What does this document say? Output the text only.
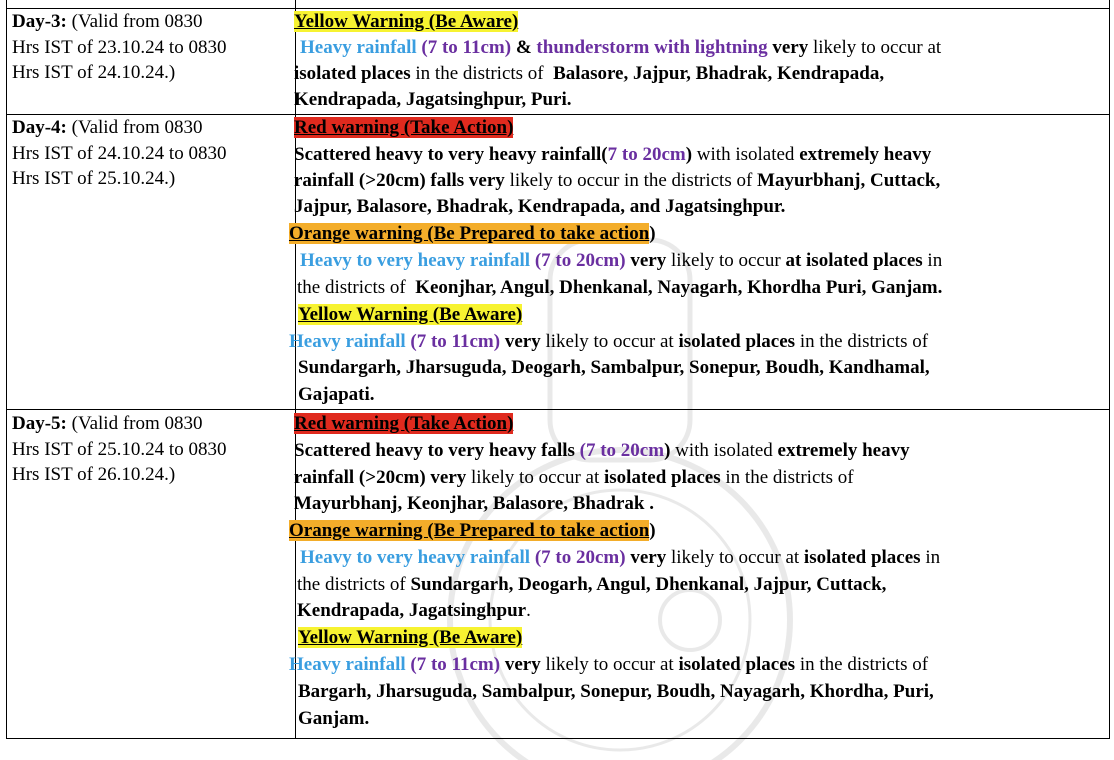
Day-3: (Valid from 0830
Hrs IST of 23.10.24 to 0830
Hrs IST of 24.10.24.)
Yellow Warning (Be Aware)
Heavy rainfall (7 to 11cm) & thunderstorm with lightning very likely to occur at
isolated places in the districts of Balasore, Jajpur, Bhadrak, Kendrapada,
Kendrapada, Jagatsinghpur, Puri.
Day-4: (Valid from 0830
Hrs IST of 24.10.24 to 0830
Hrs IST of 25.10.24.)
Red warning (Take Action)
Scattered heavy to very heavy rainfall(7 to 20cm) with isolated extremely heavy
rainfall (>20cm) falls very likely to occur in the districts of Mayurbhanj, Cuttack,
Jajpur, Balasore, Bhadrak, Kendrapada, and Jagatsinghpur.
Orange warning (Be Prepared to take action)
Heavy to very heavy rainfall (7 to 20cm) very likely to occur at isolated places in
the districts of Keonjhar, Angul, Dhenkanal, Nayagarh, Khordha Puri, Ganjam.
Yellow Warning (Be Aware)
Heavy rainfall (7 to 11cm) very likely to occur at isolated places in the districts of
Sundargarh, Jharsuguda, Deogarh, Sambalpur, Sonepur, Boudh, Kandhamal,
Gajapati.
Day-5: (Valid from 0830
Hrs IST of 25.10.24 to 0830
Hrs IST of 26.10.24.)
Red warning (Take Action)
Scattered heavy to very heavy falls (7 to 20cm) with isolated extremely heavy
rainfall (>20cm) very likely to occur at isolated places in the districts of
Mayurbhanj, Keonjhar, Balasore, Bhadrak .
Orange warning (Be Prepared to take action)
Heavy to very heavy rainfall (7 to 20cm) very likely to occur at isolated places in
the districts of Sundargarh, Deogarh, Angul, Dhenkanal, Jajpur, Cuttack,
Kendrapada, Jagatsinghpur.
Yellow Warning (Be Aware)
Heavy rainfall (7 to 11cm) very likely to occur at isolated places in the districts of
Bargarh, Jharsuguda, Sambalpur, Sonepur, Boudh, Nayagarh, Khordha, Puri,
Ganjam.
